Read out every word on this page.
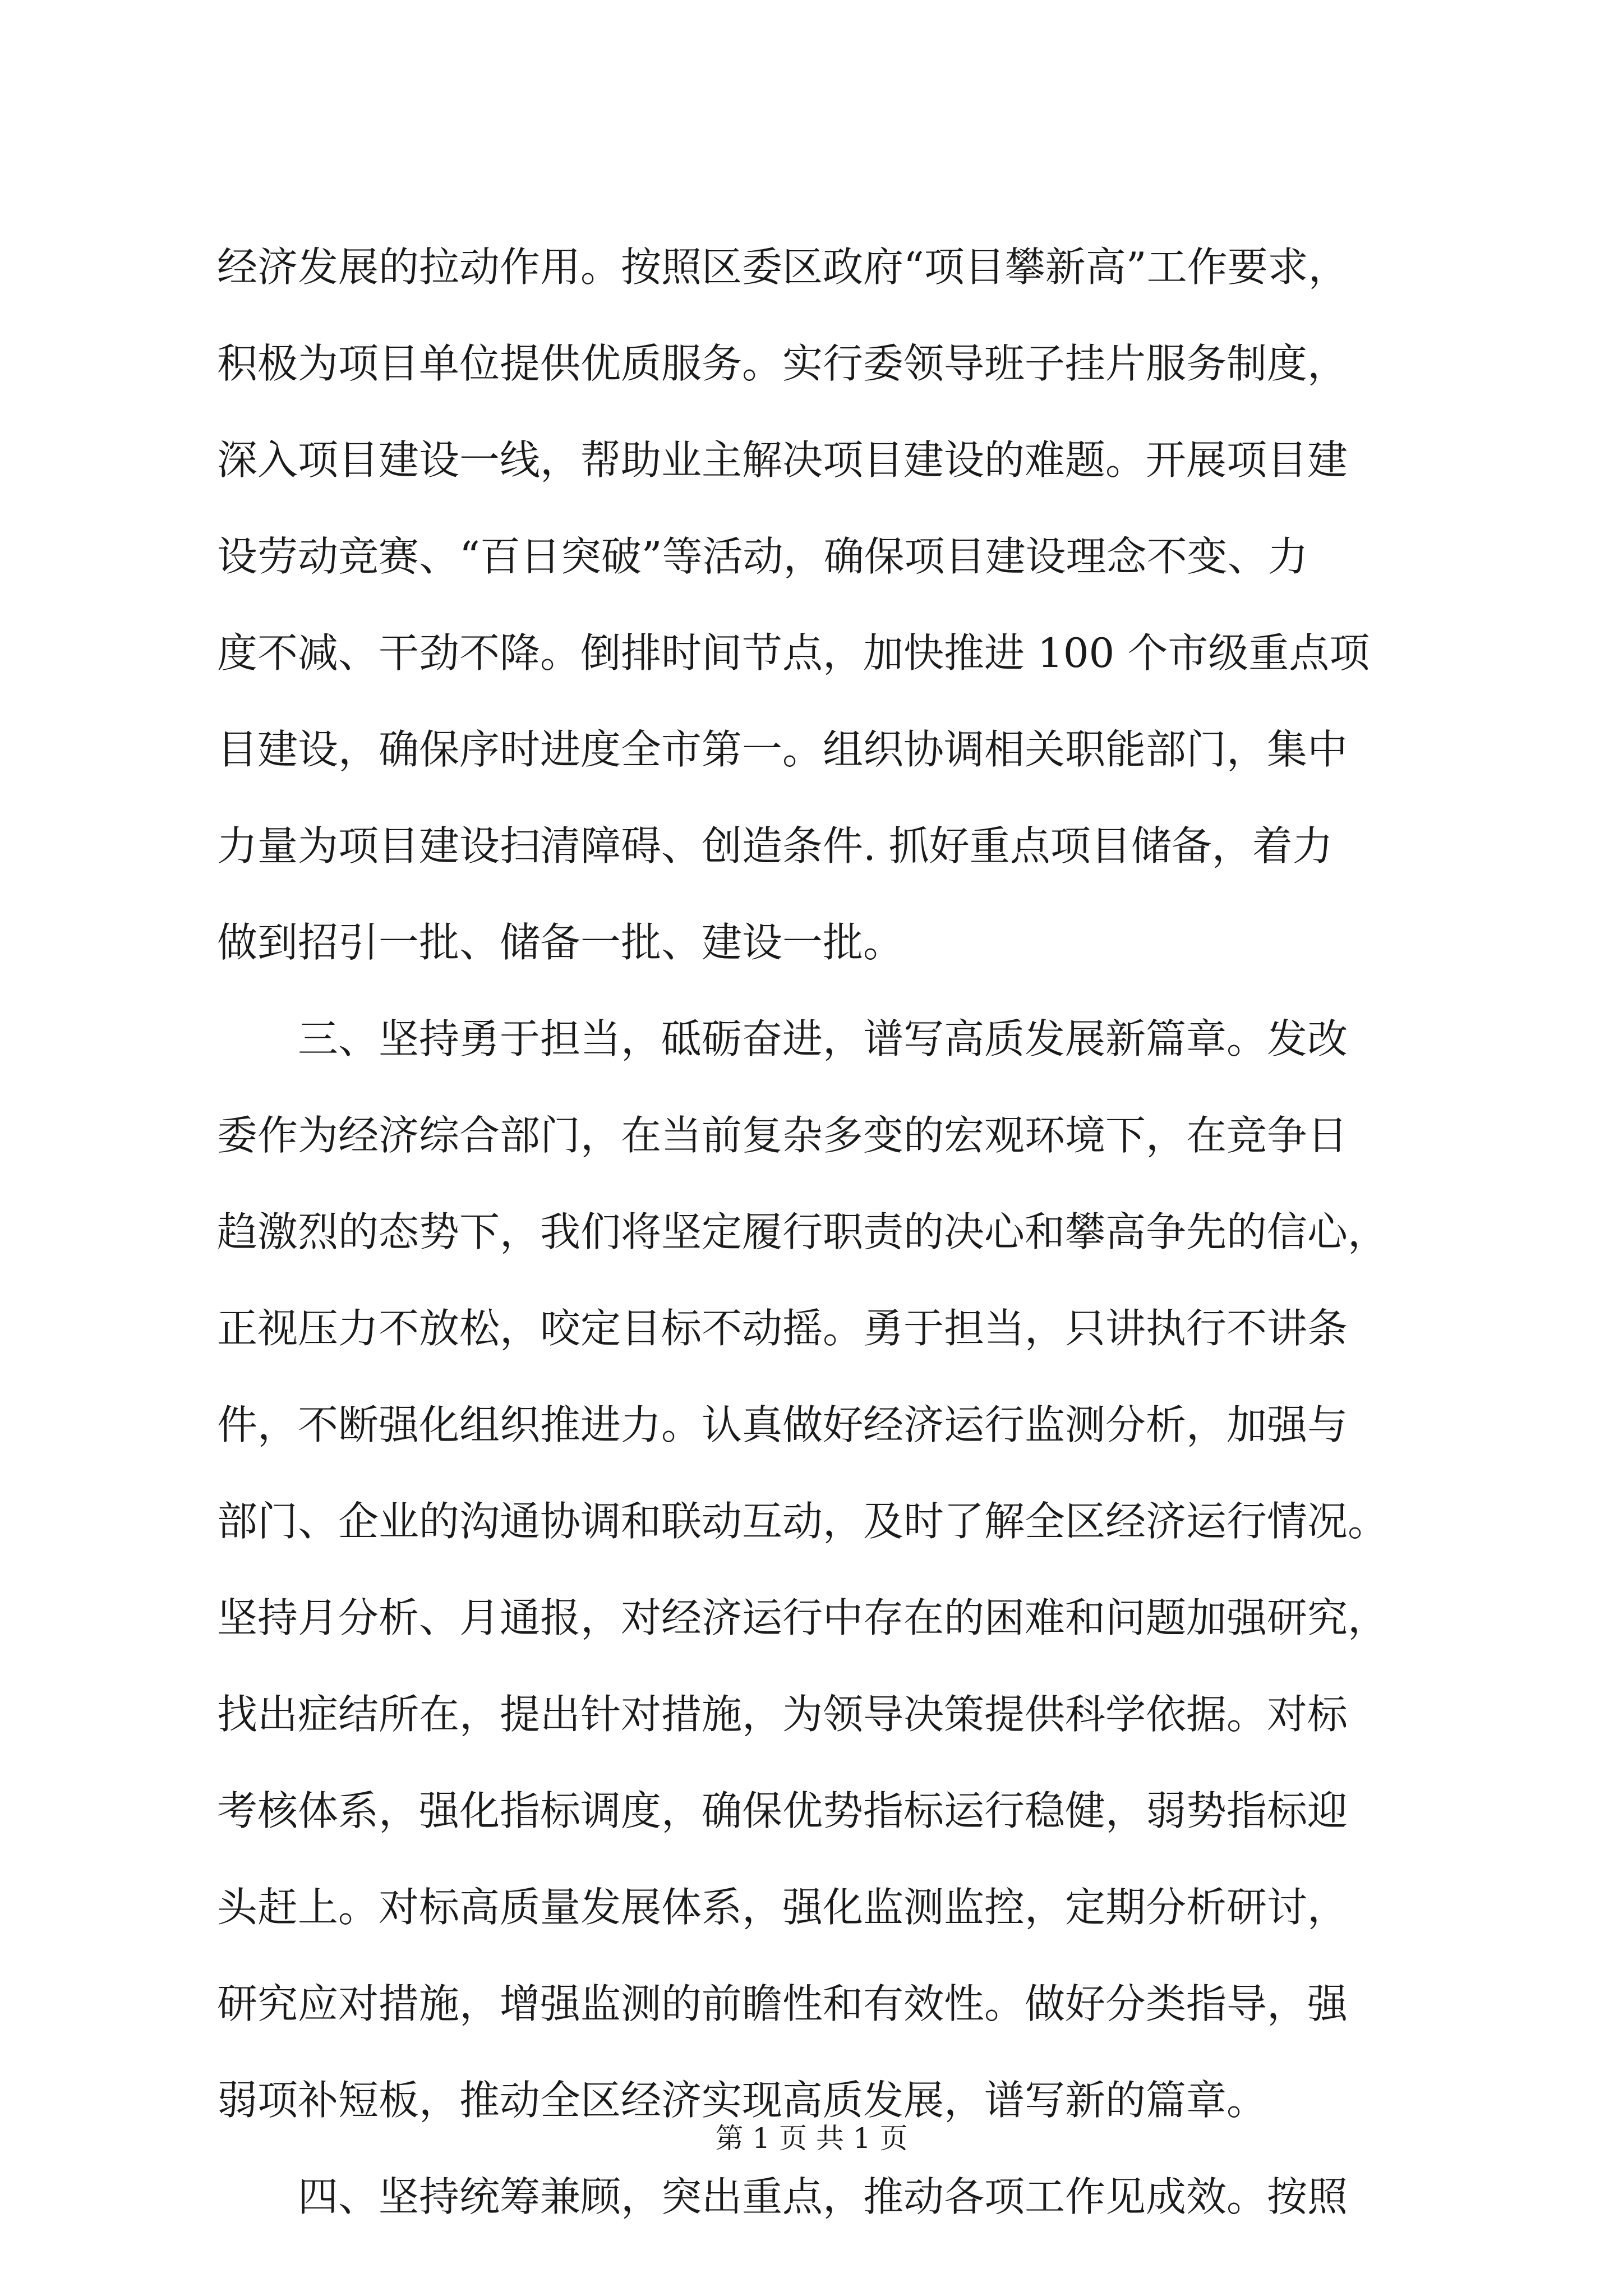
经济发展的拉动作用。按照区委区政府“项目攀新高”工作要求，
积极为项目单位提供优质服务。实行委领导班子挂片服务制度，
深入项目建设一线，帮助业主解决项目建设的难题。开展项目建
设劳动竞赛、“百日突破”等活动，确保项目建设理念不变、力
度不减、干劲不降。倒排时间节点，加快推进 100 个市级重点项
目建设，确保序时进度全市第一。组织协调相关职能部门，集中
力量为项目建设扫清障碍、创造条件. 抓好重点项目储备，着力
做到招引一批、储备一批、建设一批。
　　三、坚持勇于担当，砥砺奋进，谱写高质发展新篇章。发改
委作为经济综合部门，在当前复杂多变的宏观环境下，在竞争日
趋激烈的态势下，我们将坚定履行职责的决心和攀高争先的信心，
正视压力不放松，咬定目标不动摇。勇于担当，只讲执行不讲条
件，不断强化组织推进力。认真做好经济运行监测分析，加强与
部门、企业的沟通协调和联动互动，及时了解全区经济运行情况。
坚持月分析、月通报，对经济运行中存在的困难和问题加强研究，
找出症结所在，提出针对措施，为领导决策提供科学依据。对标
考核体系，强化指标调度，确保优势指标运行稳健，弱势指标迎
头赶上。对标高质量发展体系，强化监测监控，定期分析研讨，
研究应对措施，增强监测的前瞻性和有效性。做好分类指导，强
弱项补短板，推动全区经济实现高质发展，谱写新的篇章。
　　四、坚持统筹兼顾，突出重点，推动各项工作见成效。按照
第 1 页 共 1 页
